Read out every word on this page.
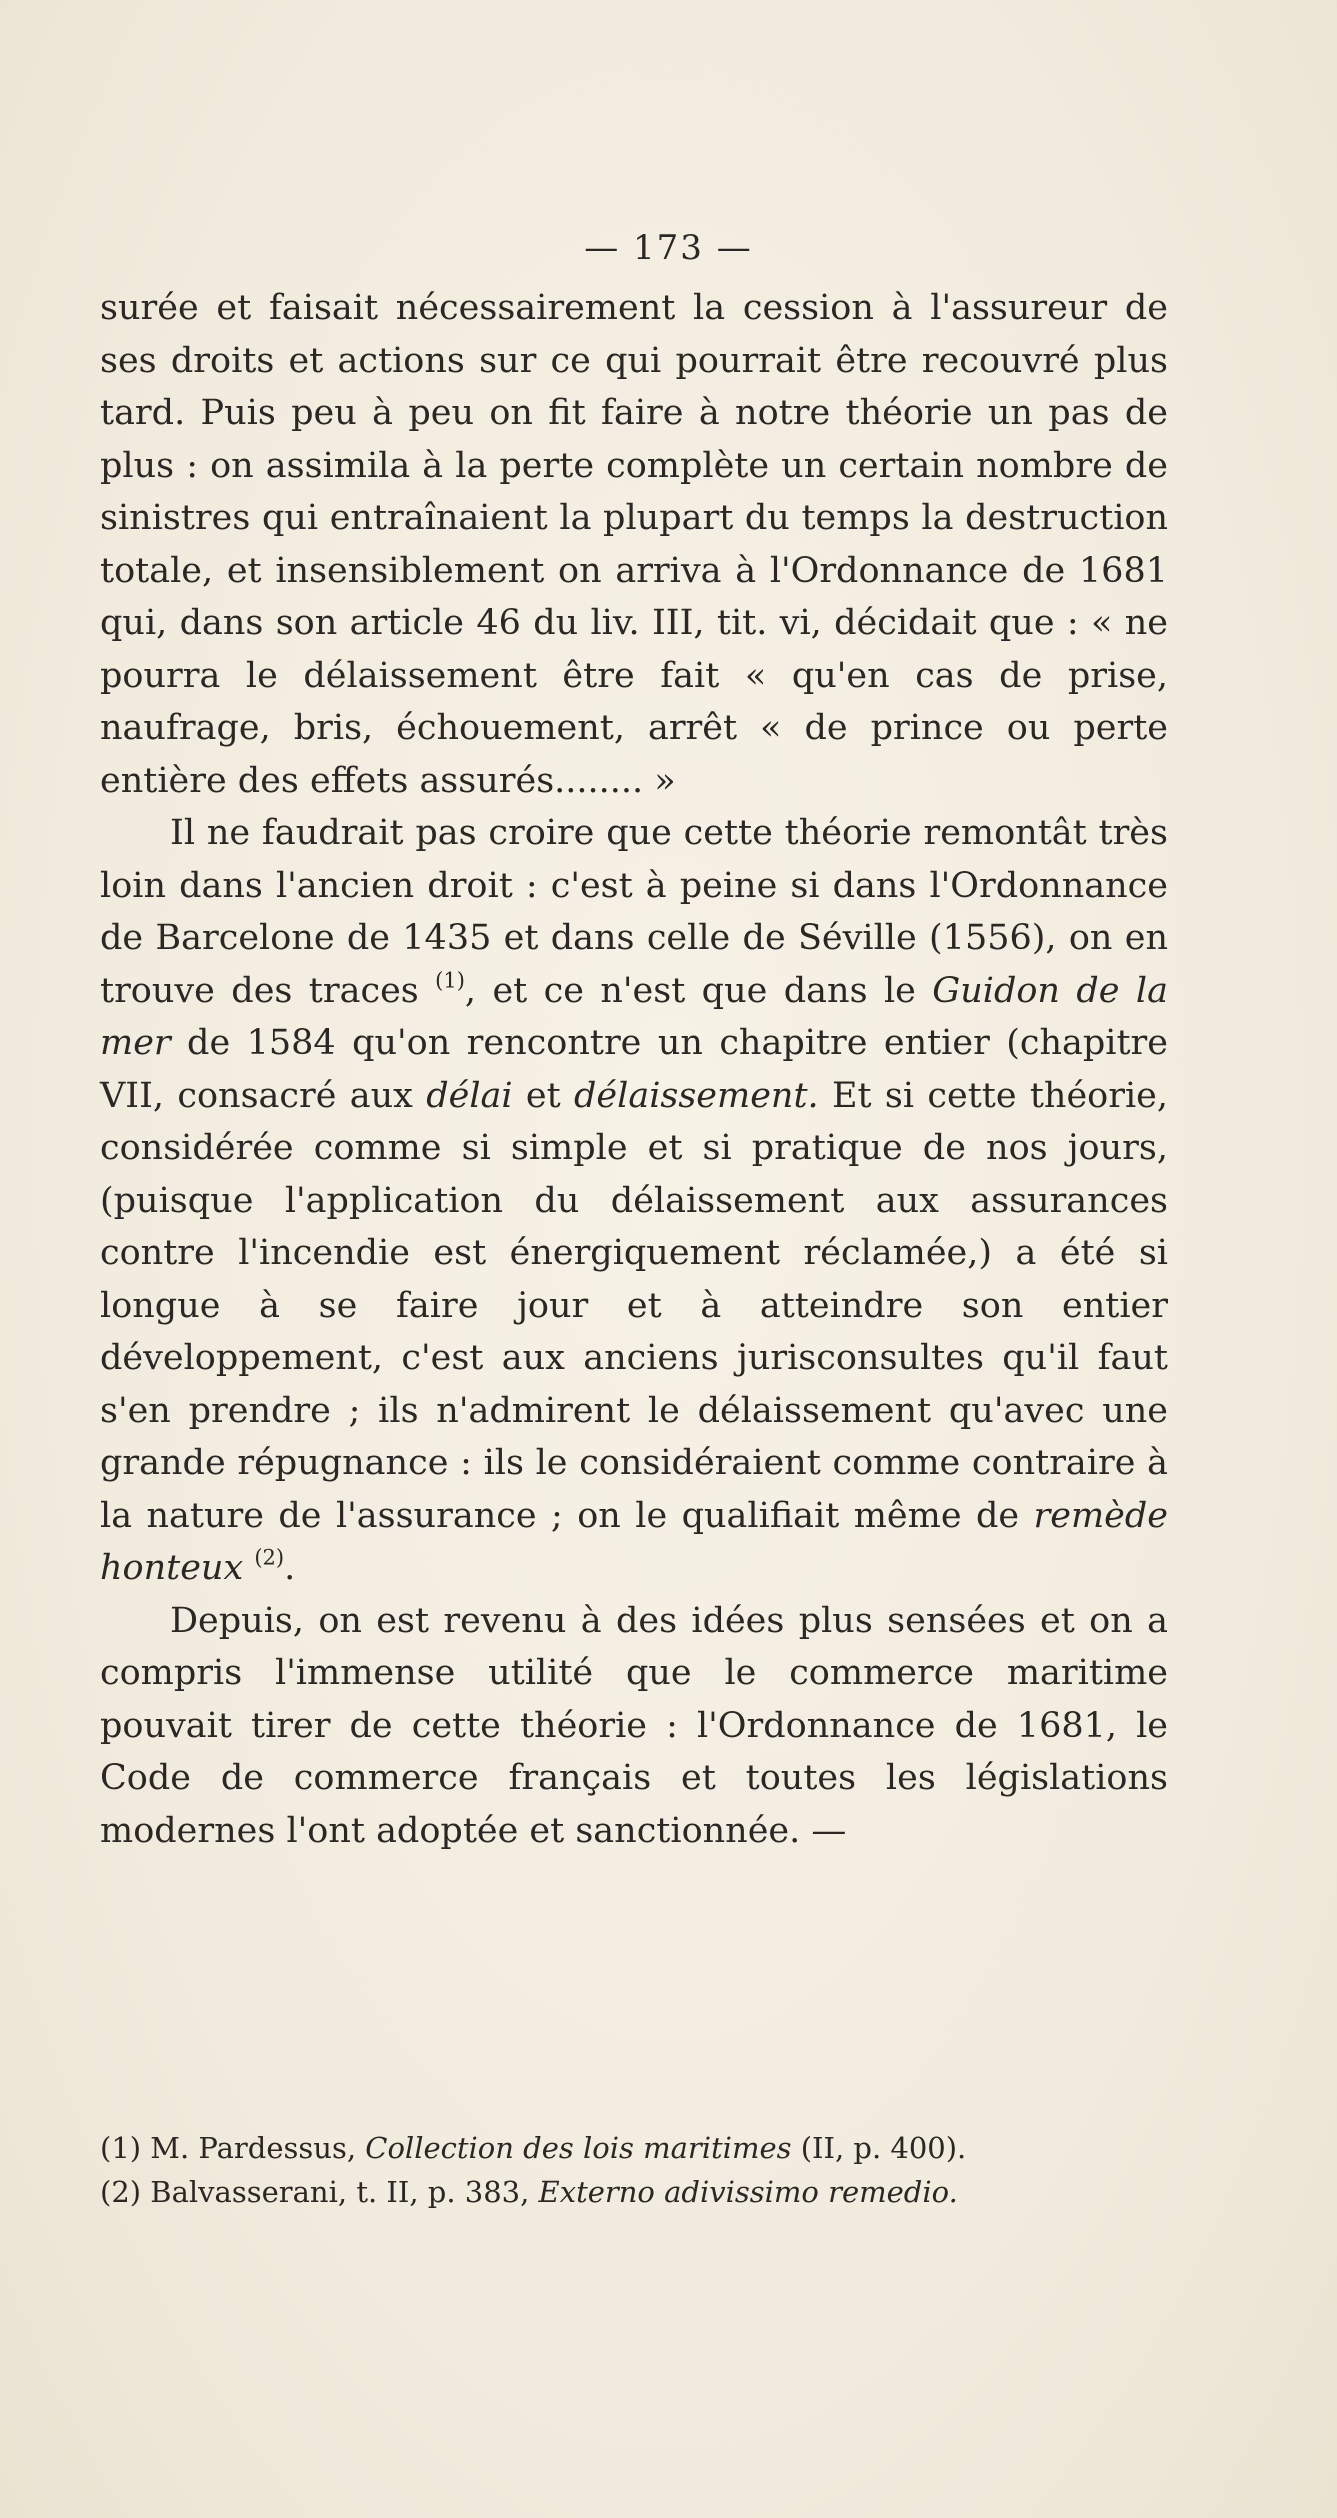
— 173 —

surée et faisait nécessairement la cession à l'assureur de ses droits et actions sur ce qui pourrait être recouvré plus tard. Puis peu à peu on fit faire à notre théorie un pas de plus : on assimila à la perte complète un certain nombre de sinistres qui entraînaient la plupart du temps la destruction totale, et insensiblement on arriva à l'Ordonnance de 1681 qui, dans son article 46 du liv. III, tit. vi, décidait que : « ne pourra le délaissement être fait « qu'en cas de prise, naufrage, bris, échouement, arrêt « de prince ou perte entière des effets assurés........ »

Il ne faudrait pas croire que cette théorie remontât très loin dans l'ancien droit : c'est à peine si dans l'Ordonnance de Barcelone de 1435 et dans celle de Séville (1556), on en trouve des traces $^{(1)}$, et ce n'est que dans le Guidon de la mer de 1584 qu'on rencontre un chapitre entier (chapitre VII, consacré aux délai et délaissement. Et si cette théorie, considérée comme si simple et si pratique de nos jours, (puisque l'application du délaissement aux assurances contre l'incendie est énergiquement réclamée,) a été si longue à se faire jour et à atteindre son entier développement, c'est aux anciens jurisconsultes qu'il faut s'en prendre ; ils n'admirent le délaissement qu'avec une grande répugnance : ils le considéraient comme contraire à la nature de l'assurance ; on le qualifiait même de remède honteux $^{(2)}$.

Depuis, on est revenu à des idées plus sensées et on a compris l'immense utilité que le commerce maritime pouvait tirer de cette théorie : l'Ordonnance de 1681, le Code de commerce français et toutes les législations modernes l'ont adoptée et sanctionnée. —

(1) M. Pardessus, Collection des lois maritimes (II, p. 400).

(2) Balvasserani, t. II, p. 383, Externo adivissimo remedio.
